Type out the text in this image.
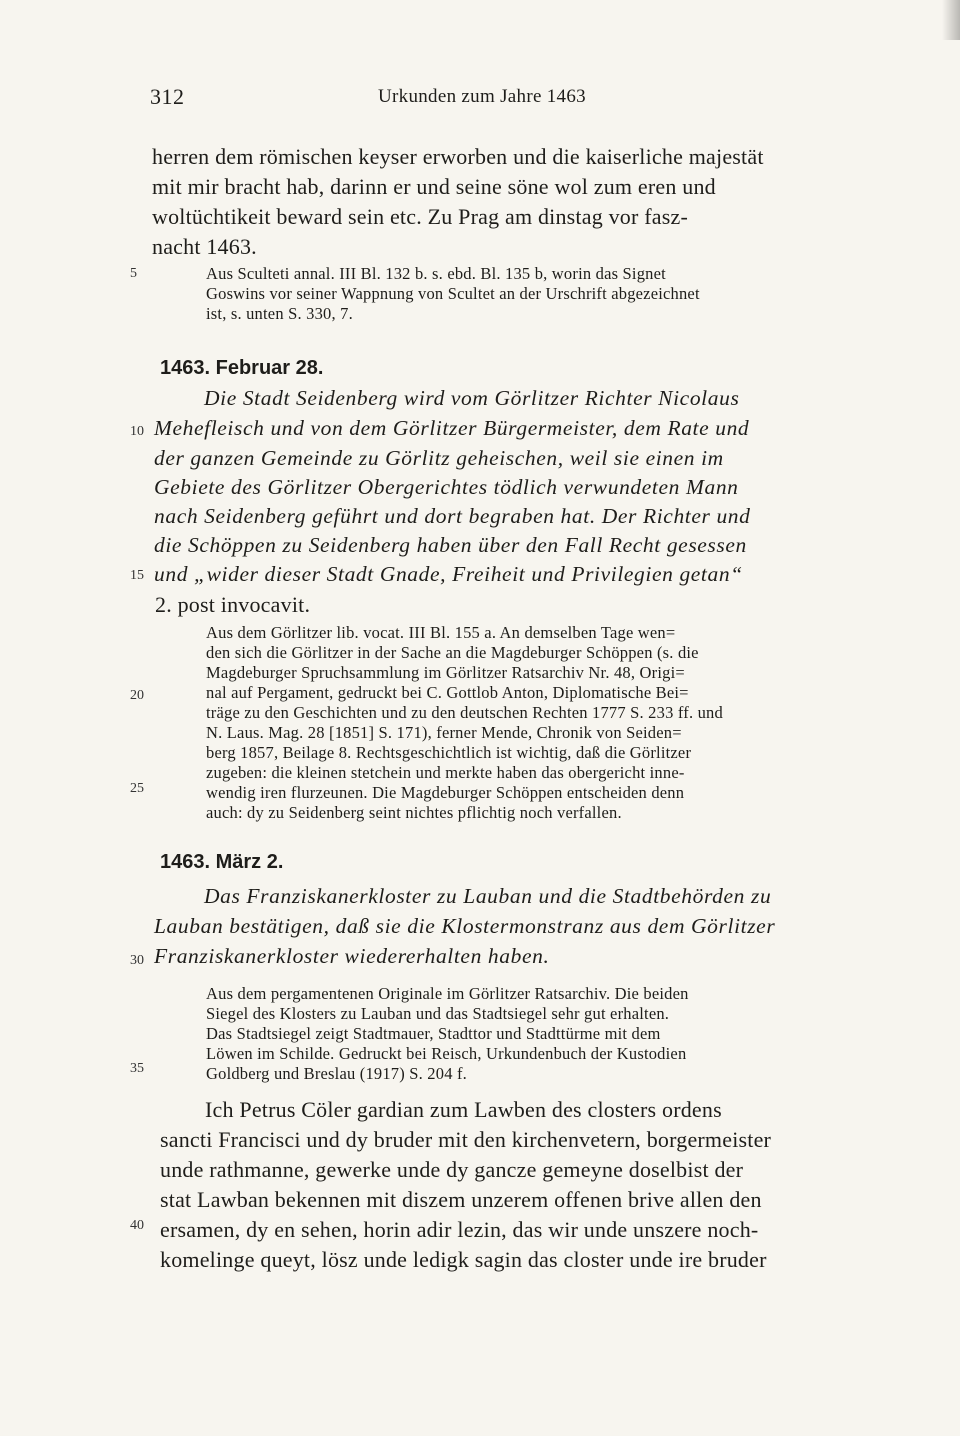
312	Urkunden zum Jahre 1463
5
10
15
20
25
30
35
40
herren dem römischen keyser erworben und die kaiserliche majestät
mit mir bracht hab, darinn er und seine söne wol zum eren und
woltüchtikeit beward sein etc. Zu Prag am dinstag vor fasz-
nacht 1463.
Aus Sculteti annal. III Bl. 132 b. s. ebd. Bl. 135 b, worin das Signet
Goswins vor seiner Wappnung von Scultet an der Urschrift abgezeichnet
ist, s. unten S. 330, 7.
1463. Februar 28.
Die Stadt Seidenberg wird vom Görlitzer Richter Nicolaus
Mehefleisch und von dem Görlitzer Bürgermeister, dem Rate und
der ganzen Gemeinde zu Görlitz geheischen, weil sie einen im
Gebiete des Görlitzer Obergerichtes tödlich verwundeten Mann
nach Seidenberg geführt und dort begraben hat. Der Richter und
die Schöppen zu Seidenberg haben über den Fall Recht gesessen
und „wider dieser Stadt Gnade, Freiheit und Privilegien getan“
2. post invocavit.
Aus dem Görlitzer lib. vocat. III Bl. 155 a. An demselben Tage wen=
den sich die Görlitzer in der Sache an die Magdeburger Schöppen (s. die
Magdeburger Spruchsammlung im Görlitzer Ratsarchiv Nr. 48, Origi=
nal auf Pergament, gedruckt bei C. Gottlob Anton, Diplomatische Bei=
träge zu den Geschichten und zu den deutschen Rechten 1777 S. 233 ff. und
N. Laus. Mag. 28 [1851] S. 171), ferner Mende, Chronik von Seiden=
berg 1857, Beilage 8. Rechtsgeschichtlich ist wichtig, daß die Görlitzer
zugeben: die kleinen stetchein und merkte haben das obergericht inne-
wendig iren flurzeunen. Die Magdeburger Schöppen entscheiden denn
auch: dy zu Seidenberg seint nichtes pflichtig noch verfallen.
1463. März 2.
Das Franziskanerkloster zu Lauban und die Stadtbehörden zu
Lauban bestätigen, daß sie die Klostermonstranz aus dem Görlitzer
Franziskanerkloster wiedererhalten haben.
Aus dem pergamentenen Originale im Görlitzer Ratsarchiv. Die beiden
Siegel des Klosters zu Lauban und das Stadtsiegel sehr gut erhalten.
Das Stadtsiegel zeigt Stadtmauer, Stadttor und Stadttürme mit dem
Löwen im Schilde. Gedruckt bei Reisch, Urkundenbuch der Kustodien
Goldberg und Breslau (1917) S. 204 f.
Ich Petrus Cöler gardian zum Lawben des closters ordens
sancti Francisci und dy bruder mit den kirchenvetern, borgermeister
unde rathmanne, gewerke unde dy gancze gemeyne doselbist der
stat Lawban bekennen mit diszem unzerem offenen brive allen den
ersamen, dy en sehen, horin adir lezin, das wir unde unszere noch-
komelinge queyt, lösz unde ledigk sagin das closter unde ire bruder
